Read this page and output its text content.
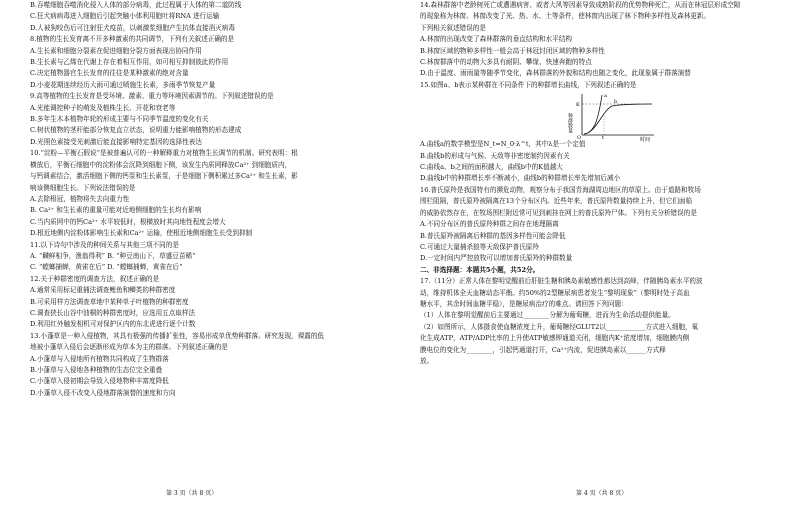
B.吞噬细胞吞噬消化侵入人体的部分病毒，此过程属于人体的第二道防线
C.狂犬病病毒进入细胞后引起突触小体利用胞吐将RNA 进行运输
D.人被狗咬伤后可注射狂犬疫苗，以刺激浆细胞产生抗体直接消灭病毒
8.植物的生长发育离不开多种激素的共同调节，下列有关叙述正确的是
A.生长素和细胞分裂素在促进细胞分裂方面表现出协同作用
B.生长素与乙烯在代谢上存在着相互作用，如可相互抑制彼此的作用
C.决定植物器官生长发育的往往是某种激素的绝对含量
D.小麦花期连续经历大雨可通过喷施生长素，多雨季节恢复产量
9.高等植物的生长发育是受环境、激素、重力等环境因素调节的。下列叙述错误的是
A.光能调控种子的萌发及植株生长、开花和衰老等
B.多年生木本植物年轮的形成主要与不同季节温度的变化有关
C.树状植物的茎秆能部分恢复直立状态，说明重力能影响植物的形态建成
D.光照色素接受光刺激后能直接影响特定基因的选择性表达
10.“淀粉—平衡石假说”是被普遍认可的一种解释重力对植物生长调节的机制。研究表明：根
横放后，平衡石细胞中的淀粉体会沉降到细胞下侧，该发生内质网释放Ca²⁺ 到细胞质内，
与钙调素结合，激活细胞下侧的钙泵和生长素泵，于是细胞下侧积累过多Ca²⁺ 和生长素，影
响该侧细胞生长。下列说法错误的是
A.去除根冠，植物将失去向重力性
B. Ca²⁺ 和生长素的重量可能对近地侧细胞的生长均有影响
C.当内质网中的钙Ca²⁺ 水平较低时，根横放时其向地性程度会增大
D.根近地侧内淀粉体影响生长素和Ca²⁺ 运输，使根近地侧细胞生长受到抑制
11.以下诗句中涉及的种间关系与其他三项不同的是
A. “麟鲜相争，渔翁得利” B. “种豆南山下，草盛豆苗稀”
C. “螳螂捕蝉，黄雀在后” D. “螳螂捕蝉，黄雀在后”
12.关于种群密度的调查方法，叙述正确的是
A.通常采用标记重捕法调查鲤鱼和鲫类的种群密度
B.可采用样方法调查草地中某种单子叶植物的种群密度
C.调查狭长山谷中油桐的种群密度时，应选用五点取样法
D.利用红外触发相机可对保护区内的东北虎进行逐个计数
13.小蓬草是一种入侵植物，其具有极强的传播扩张性，容易形成单优势种群落。研究发现，裸露的低
地被小蓬草入侵后会逐渐形成为草本为主的群落。下列叙述正确的是
A.小蓬草与入侵地所有植物共同构成了生物群落
B.小蓬草与入侵地各种植物的生态位完全重叠
C.小蓬草入侵初期会导致入侵地物种丰富度降低
D.小蓬草入侵不改变入侵地群落演替的速度和方向
14.森林群落中老龄树死亡或遭遇病害、或者大风等因素导致成熟阶段的优势物种死亡，从而在林冠层形成空隙
的现象称为林窗。林窗改变了光、热、水、土等条件，使林窗内出现了林下物种多样性及森林更新。
下列相关叙述错误的是
A.林窗的出现改变了森林群落的垂直结构和水平结构
B.林窗区域的物种多样性一般会高于林冠封闭区域的物种多样性
C.林窗群落中的动物大多具有耐阴、攀缘、快速奔跑的特点
D.由于温度、雨雨量等随季节变化，森林群落的外貌和结构也随之变化，此现象属于群落演替
15.如图a、b表示某种群在不同条件下的种群增长曲线，下列叙述正确的是
种群数量
时间
a
b
K
O	t
A.曲线a的数学模型是N_t=N_0·λ^t，其中λ是一个定值
B.曲线b的形成与气候、天敌等非密度制约因素有关
C.曲线a、b之间的面积越大，曲线b中的K值越大
D.曲线b中的种群增长率不断减小，曲线b的种群增长率先增加后减小
16.普氏原羚是我国特有的濒危动物，观察分布于我国青海湖周边地区的草原上。由于道路和牧场
围栏阻隔，普氏原羚被隔离在13个分布区内。近些年来，普氏原羚数量持续上升，但它们面临
的威胁依然存在，在牧场围栏附近常可见到刺挂在网上的普氏原羚尸体。下列有关分析错误的是
A.不同分布区的普氏原羚种群之间存在地理隔离
B.普氏原羚被隔离后种群的基因多样性可能会降低
C.可通过大量捕杀狼等天敌保护普氏原羚
D.一定时间内严控放牧可以增加普氏原羚的种群数量
二、非选择题：本题共5小题，共52分。
17.（11分）正常人体在黎明觉醒前后肝脏生糖和胰岛素敏感性都达到高峰，伴随胰岛素水平的波
动，维持机体全天血糖动态平衡。约50%的2型糖尿病患者发生“黎明现象”（黎明时处于高血
糖水平，其余时间血糖平稳），是糖尿病治疗的难点。请回答下列问题：
（1）人体在黎明觉醒前后主要通过________分解为葡萄糖，进而为生命活动提供能量。
（2）如图所示，人体摄食使血糖浓度上升，葡萄糖经GLUT2以____________方式进入细胞，氧
化生成ATP，ATP/ADP比率的上升使ATP敏感钾通道关闭，细胞内K⁺浓度增加，细胞膜内侧
膜电位的变化为________，引起钙通道打开，Ca²⁺内流，促进胰岛素以______方式释
放。
第 3 页（共 8 页）	第 4 页（共 8 页）
